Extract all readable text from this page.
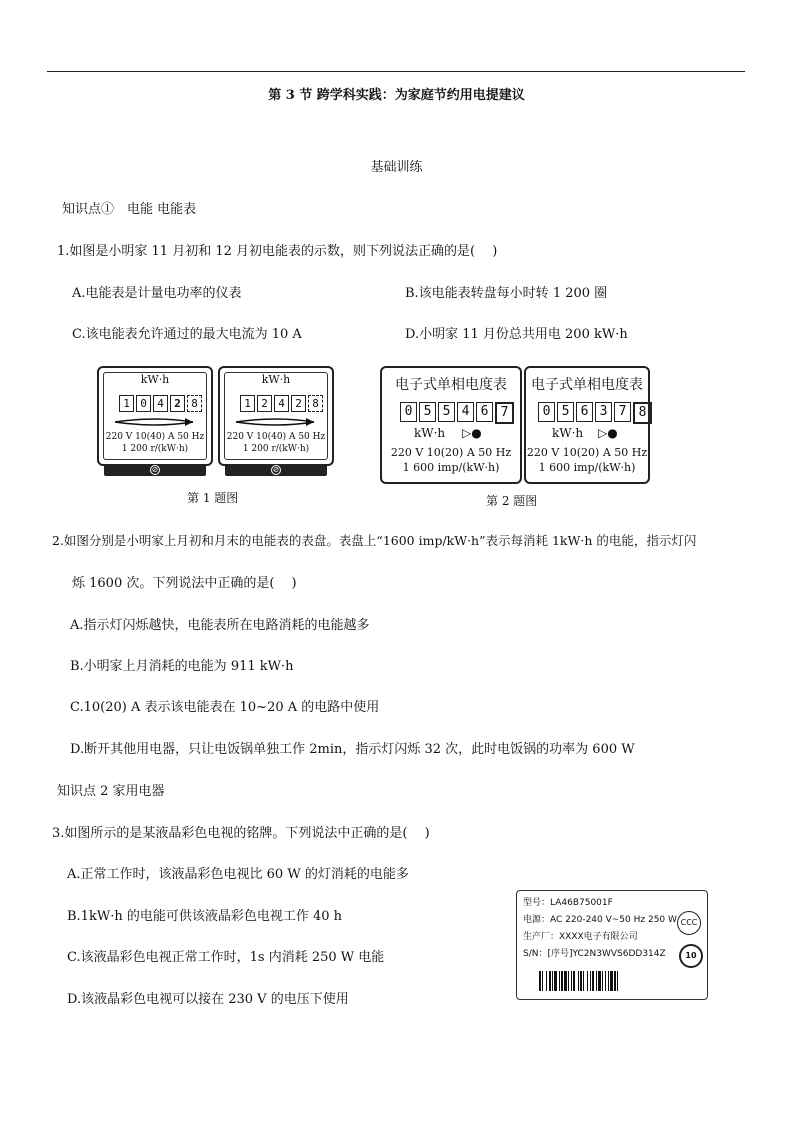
第 3 节 跨学科实践：为家庭节约用电提建议
基础训练
知识点①　电能 电能表
1.如图是小明家 11 月初和 12 月初电能表的示数，则下列说法正确的是(　 )
A.电能表是计量电功率的仪表	B.该电能表转盘每小时转 1 200 圈
C.该电能表允许通过的最大电流为 10 A	D.小明家 11 月份总共用电 200 kW·h
kW·h
1 0 4 2 8
220 V 10(40) A 50 Hz
1 200 r/(kW·h)
⊘
kW·h
1 2 4 2 8
220 V 10(40) A 50 Hz
1 200 r/(kW·h)
⊘
第 1 题图
电子式单相电度表
0 5 5 4 6 7
kW·h ▷●
220 V 10(20) A 50 Hz
1 600 imp/(kW·h)
电子式单相电度表
0 5 6 3 7 8
kW·h ▷●
220 V 10(20) A 50 Hz
1 600 imp/(kW·h)
第 2 题图
2.如图分别是小明家上月初和月末的电能表的表盘。表盘上“1600 imp/kW·h”表示每消耗 1kW·h 的电能，指示灯闪
烁 1600 次。下列说法中正确的是(　 )
A.指示灯闪烁越快，电能表所在电路消耗的电能越多
B.小明家上月消耗的电能为 911 kW·h
C.10(20) A 表示该电能表在 10~20 A 的电路中使用
D.断开其他用电器，只让电饭锅单独工作 2min，指示灯闪烁 32 次，此时电饭锅的功率为 600 W
知识点 2 家用电器
3.如图所示的是某液晶彩色电视的铭牌。下列说法中正确的是(　 )
A.正常工作时，该液晶彩色电视比 60 W 的灯消耗的电能多
B.1kW·h 的电能可供该液晶彩色电视工作 40 h
C.该液晶彩色电视正常工作时，1s 内消耗 250 W 电能
D.该液晶彩色电视可以接在 230 V 的电压下使用
型号：LA46B75001F
电源：AC 220-240 V~50 Hz 250 W
生产厂：XXXX电子有限公司
S/N：[序号]YC2N3WVS6DD314Z
CCC
10
